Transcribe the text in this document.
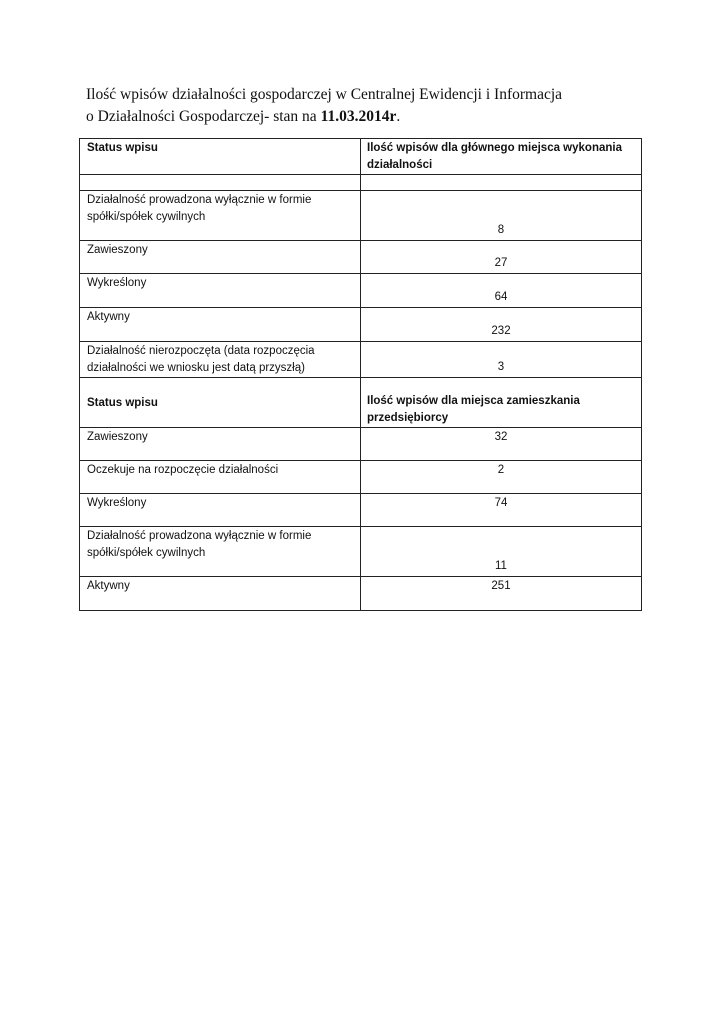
Ilość wpisów działalności gospodarczej w Centralnej Ewidencji i Informacja
o Działalności Gospodarczej- stan na 11.03.2014r.
Status wpisu	Ilość wpisów dla głównego miejsca wykonania działalności

Działalność prowadzona wyłącznie w formie spółki/spółek cywilnych	8
Zawieszony	27
Wykreślony	64
Aktywny	232
Działalność nierozpoczęta (data rozpoczęcia działalności we wniosku jest datą przyszłą)	3
Status wpisu	Ilość wpisów dla miejsca zamieszkania przedsiębiorcy
Zawieszony	32
Oczekuje na rozpoczęcie działalności	2
Wykreślony	74
Działalność prowadzona wyłącznie w formie spółki/spółek cywilnych	11
Aktywny	251
